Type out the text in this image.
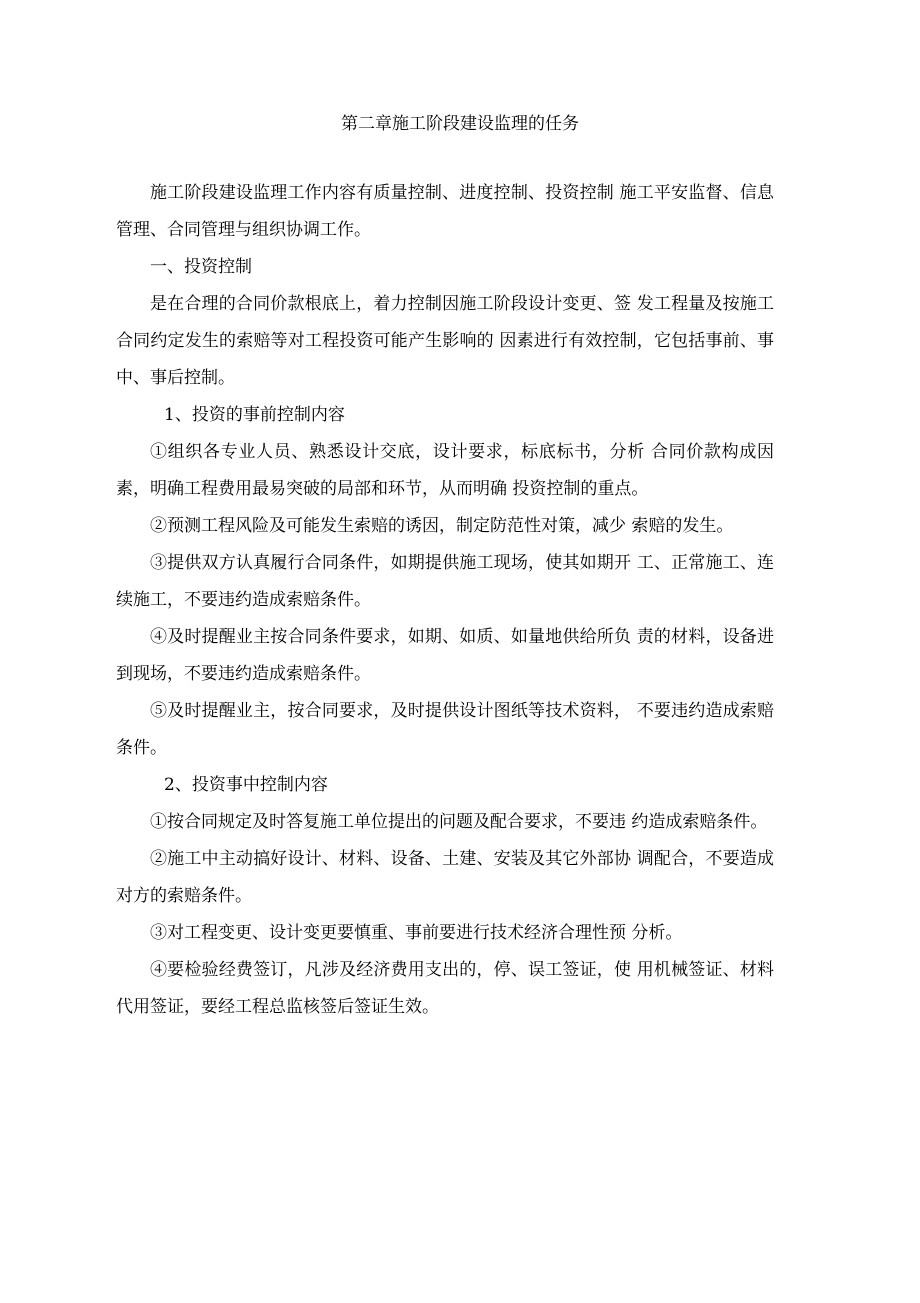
第二章施工阶段建设监理的任务

施工阶段建设监理工作内容有质量控制、进度控制、投资控制 施工平安监督、信息管理、合同管理与组织协调工作。

一、投资控制

是在合理的合同价款根底上，着力控制因施工阶段设计变更、签 发工程量及按施工合同约定发生的索赔等对工程投资可能产生影响的 因素进行有效控制，它包括事前、事中、事后控制。

1、投资的事前控制内容

①组织各专业人员、熟悉设计交底，设计要求，标底标书，分析 合同价款构成因素，明确工程费用最易突破的局部和环节，从而明确 投资控制的重点。

②预测工程风险及可能发生索赔的诱因，制定防范性对策，减少 索赔的发生。

③提供双方认真履行合同条件，如期提供施工现场，使其如期开 工、正常施工、连续施工，不要违约造成索赔条件。

④及时提醒业主按合同条件要求，如期、如质、如量地供给所负 责的材料，设备进到现场，不要违约造成索赔条件。

⑤及时提醒业主，按合同要求，及时提供设计图纸等技术资料， 不要违约造成索赔条件。

2、投资事中控制内容

①按合同规定及时答复施工单位提出的问题及配合要求，不要违 约造成索赔条件。

②施工中主动搞好设计、材料、设备、土建、安装及其它外部协 调配合，不要造成对方的索赔条件。

③对工程变更、设计变更要慎重、事前要进行技术经济合理性预 分析。

④要检验经费签订，凡涉及经济费用支出的，停、误工签证，使 用机械签证、材料代用签证，要经工程总监核签后签证生效。
